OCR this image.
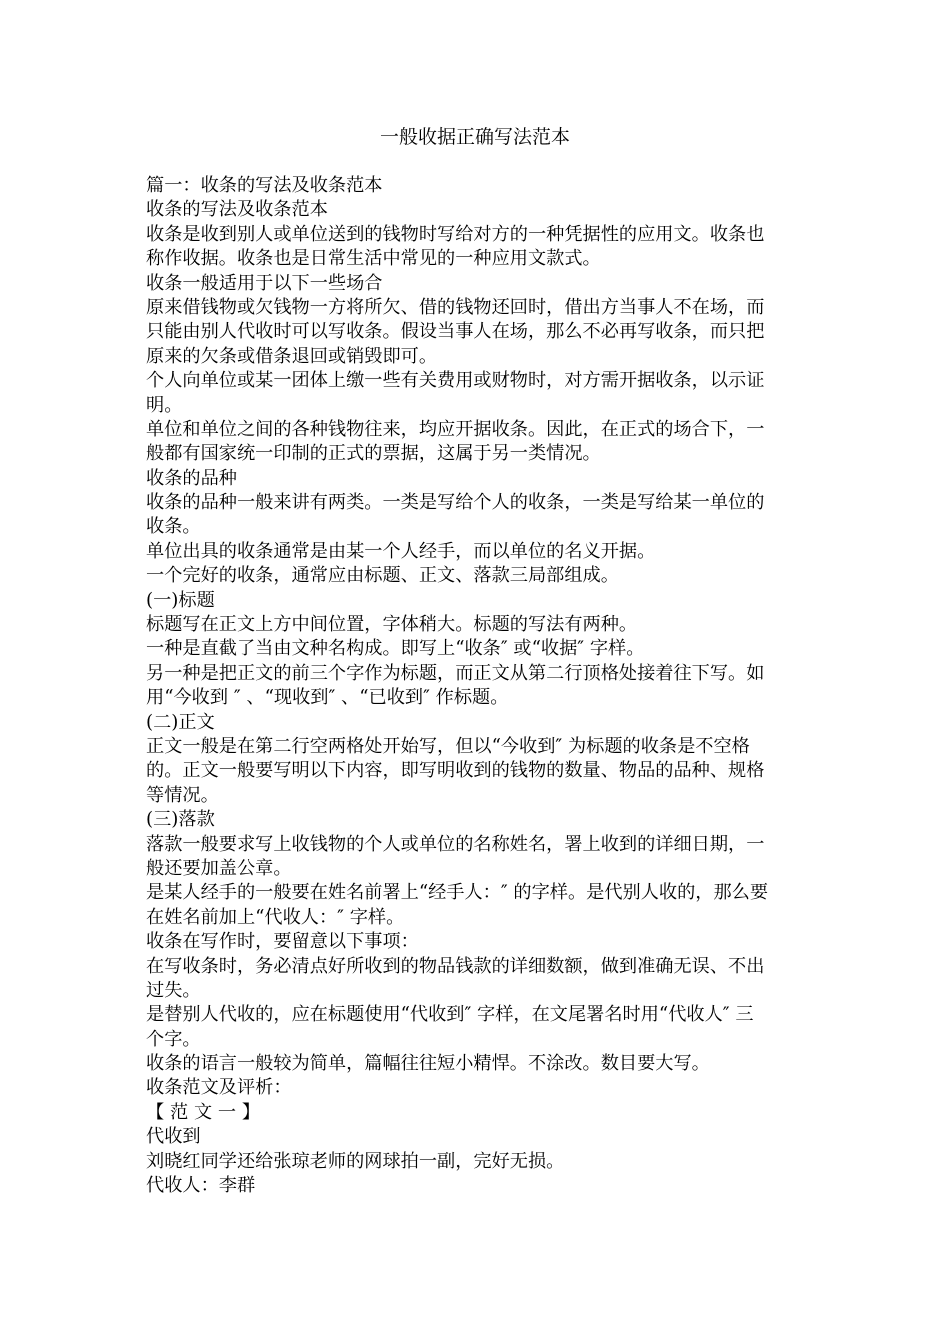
一般收据正确写法范本

篇一：收条的写法及收条范本

收条的写法及收条范本

收条是收到别人或单位送到的钱物时写给对方的一种凭据性的应用文。收条也

称作收据。收条也是日常生活中常见的一种应用文款式。

收条一般适用于以下一些场合

原来借钱物或欠钱物一方将所欠、借的钱物还回时，借出方当事人不在场，而

只能由别人代收时可以写收条。假设当事人在场，那么不必再写收条，而只把

原来的欠条或借条退回或销毁即可。

个人向单位或某一团体上缴一些有关费用或财物时，对方需开据收条，以示证

明。

单位和单位之间的各种钱物往来，均应开据收条。因此，在正式的场合下，一

般都有国家统一印制的正式的票据，这属于另一类情况。

收条的品种

收条的品种一般来讲有两类。一类是写给个人的收条，一类是写给某一单位的

收条。

单位出具的收条通常是由某一个人经手，而以单位的名义开据。

一个完好的收条，通常应由标题、正文、落款三局部组成。

(一)标题

标题写在正文上方中间位置，字体稍大。标题的写法有两种。

一种是直截了当由文种名构成。即写上“收条″ 或“收据″ 字样。

另一种是把正文的前三个字作为标题，而正文从第二行顶格处接着往下写。如

用“今收到 ″ 、“现收到″ 、“已收到″ 作标题。

(二)正文

正文一般是在第二行空两格处开始写，但以“今收到″ 为标题的收条是不空格

的。正文一般要写明以下内容，即写明收到的钱物的数量、物品的品种、规格

等情况。

(三)落款

落款一般要求写上收钱物的个人或单位的名称姓名，署上收到的详细日期，一

般还要加盖公章。

是某人经手的一般要在姓名前署上“经手人：″ 的字样。是代别人收的，那么要

在姓名前加上“代收人：″ 字样。

收条在写作时，要留意以下事项：

在写收条时，务必清点好所收到的物品钱款的详细数额，做到准确无误、不出

过失。

是替别人代收的，应在标题使用“代收到″ 字样，在文尾署名时用“代收人″ 三

个字。

收条的语言一般较为简单，篇幅往往短小精悍。不涂改。数目要大写。

收条范文及评析：

【 范 文 一 】

代收到

刘晓红同学还给张琼老师的网球拍一副，完好无损。

代收人：李群
